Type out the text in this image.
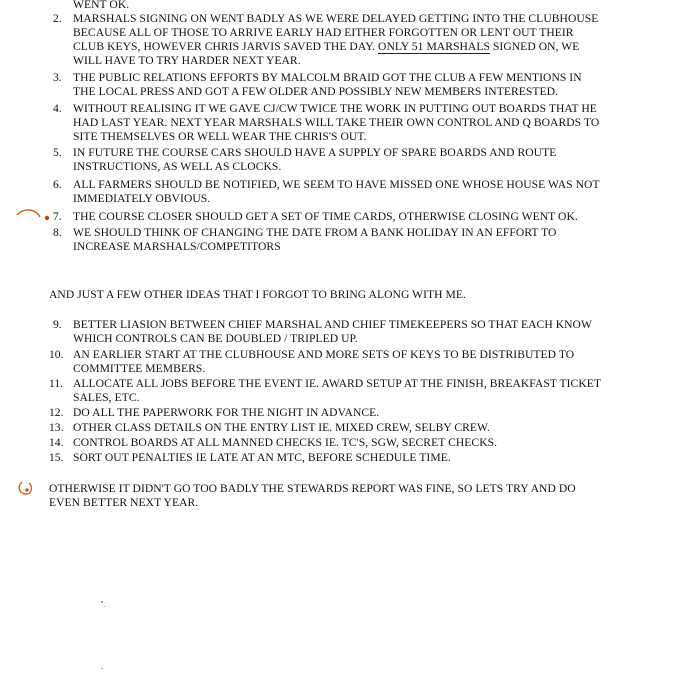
WENT OK.
2. MARSHALS SIGNING ON WENT BADLY AS WE WERE DELAYED GETTING INTO THE CLUBHOUSE
BECAUSE ALL OF THOSE TO ARRIVE EARLY HAD EITHER FORGOTTEN OR LENT OUT THEIR
CLUB KEYS, HOWEVER CHRIS JARVIS SAVED THE DAY. ONLY 51 MARSHALS SIGNED ON, WE
WILL HAVE TO TRY HARDER NEXT YEAR.
3. THE PUBLIC RELATIONS EFFORTS BY MALCOLM BRAID GOT THE CLUB A FEW MENTIONS IN
THE LOCAL PRESS AND GOT A FEW OLDER AND POSSIBLY NEW MEMBERS INTERESTED.
4. WITHOUT REALISING IT WE GAVE CJ/CW TWICE THE WORK IN PUTTING OUT BOARDS THAT HE
HAD LAST YEAR. NEXT YEAR MARSHALS WILL TAKE THEIR OWN CONTROL AND Q BOARDS TO
SITE THEMSELVES OR WELL WEAR THE CHRIS'S OUT.
5. IN FUTURE THE COURSE CARS SHOULD HAVE A SUPPLY OF SPARE BOARDS AND ROUTE
INSTRUCTIONS, AS WELL AS CLOCKS.
6. ALL FARMERS SHOULD BE NOTIFIED, WE SEEM TO HAVE MISSED ONE WHOSE HOUSE WAS NOT
IMMEDIATELY OBVIOUS.
7. THE COURSE CLOSER SHOULD GET A SET OF TIME CARDS, OTHERWISE CLOSING WENT OK.
8. WE SHOULD THINK OF CHANGING THE DATE FROM A BANK HOLIDAY IN AN EFFORT TO
INCREASE MARSHALS/COMPETITORS
AND JUST A FEW OTHER IDEAS THAT I FORGOT TO BRING ALONG WITH ME.
9. BETTER LIASION BETWEEN CHIEF MARSHAL AND CHIEF TIMEKEEPERS SO THAT EACH KNOW
WHICH CONTROLS CAN BE DOUBLED / TRIPLED UP.
10. AN EARLIER START AT THE CLUBHOUSE AND MORE SETS OF KEYS TO BE DISTRIBUTED TO
COMMITTEE MEMBERS.
11. ALLOCATE ALL JOBS BEFORE THE EVENT IE. AWARD SETUP AT THE FINISH, BREAKFAST TICKET
SALES, ETC.
12. DO ALL THE PAPERWORK FOR THE NIGHT IN ADVANCE.
13. OTHER CLASS DETAILS ON THE ENTRY LIST IE. MIXED CREW, SELBY CREW.
14. CONTROL BOARDS AT ALL MANNED CHECKS IE. TC'S, SGW, SECRET CHECKS.
15. SORT OUT PENALTIES IE LATE AT AN MTC, BEFORE SCHEDULE TIME.
OTHERWISE IT DIDN'T GO TOO BADLY THE STEWARDS REPORT WAS FINE, SO LETS TRY AND DO
EVEN BETTER NEXT YEAR.
